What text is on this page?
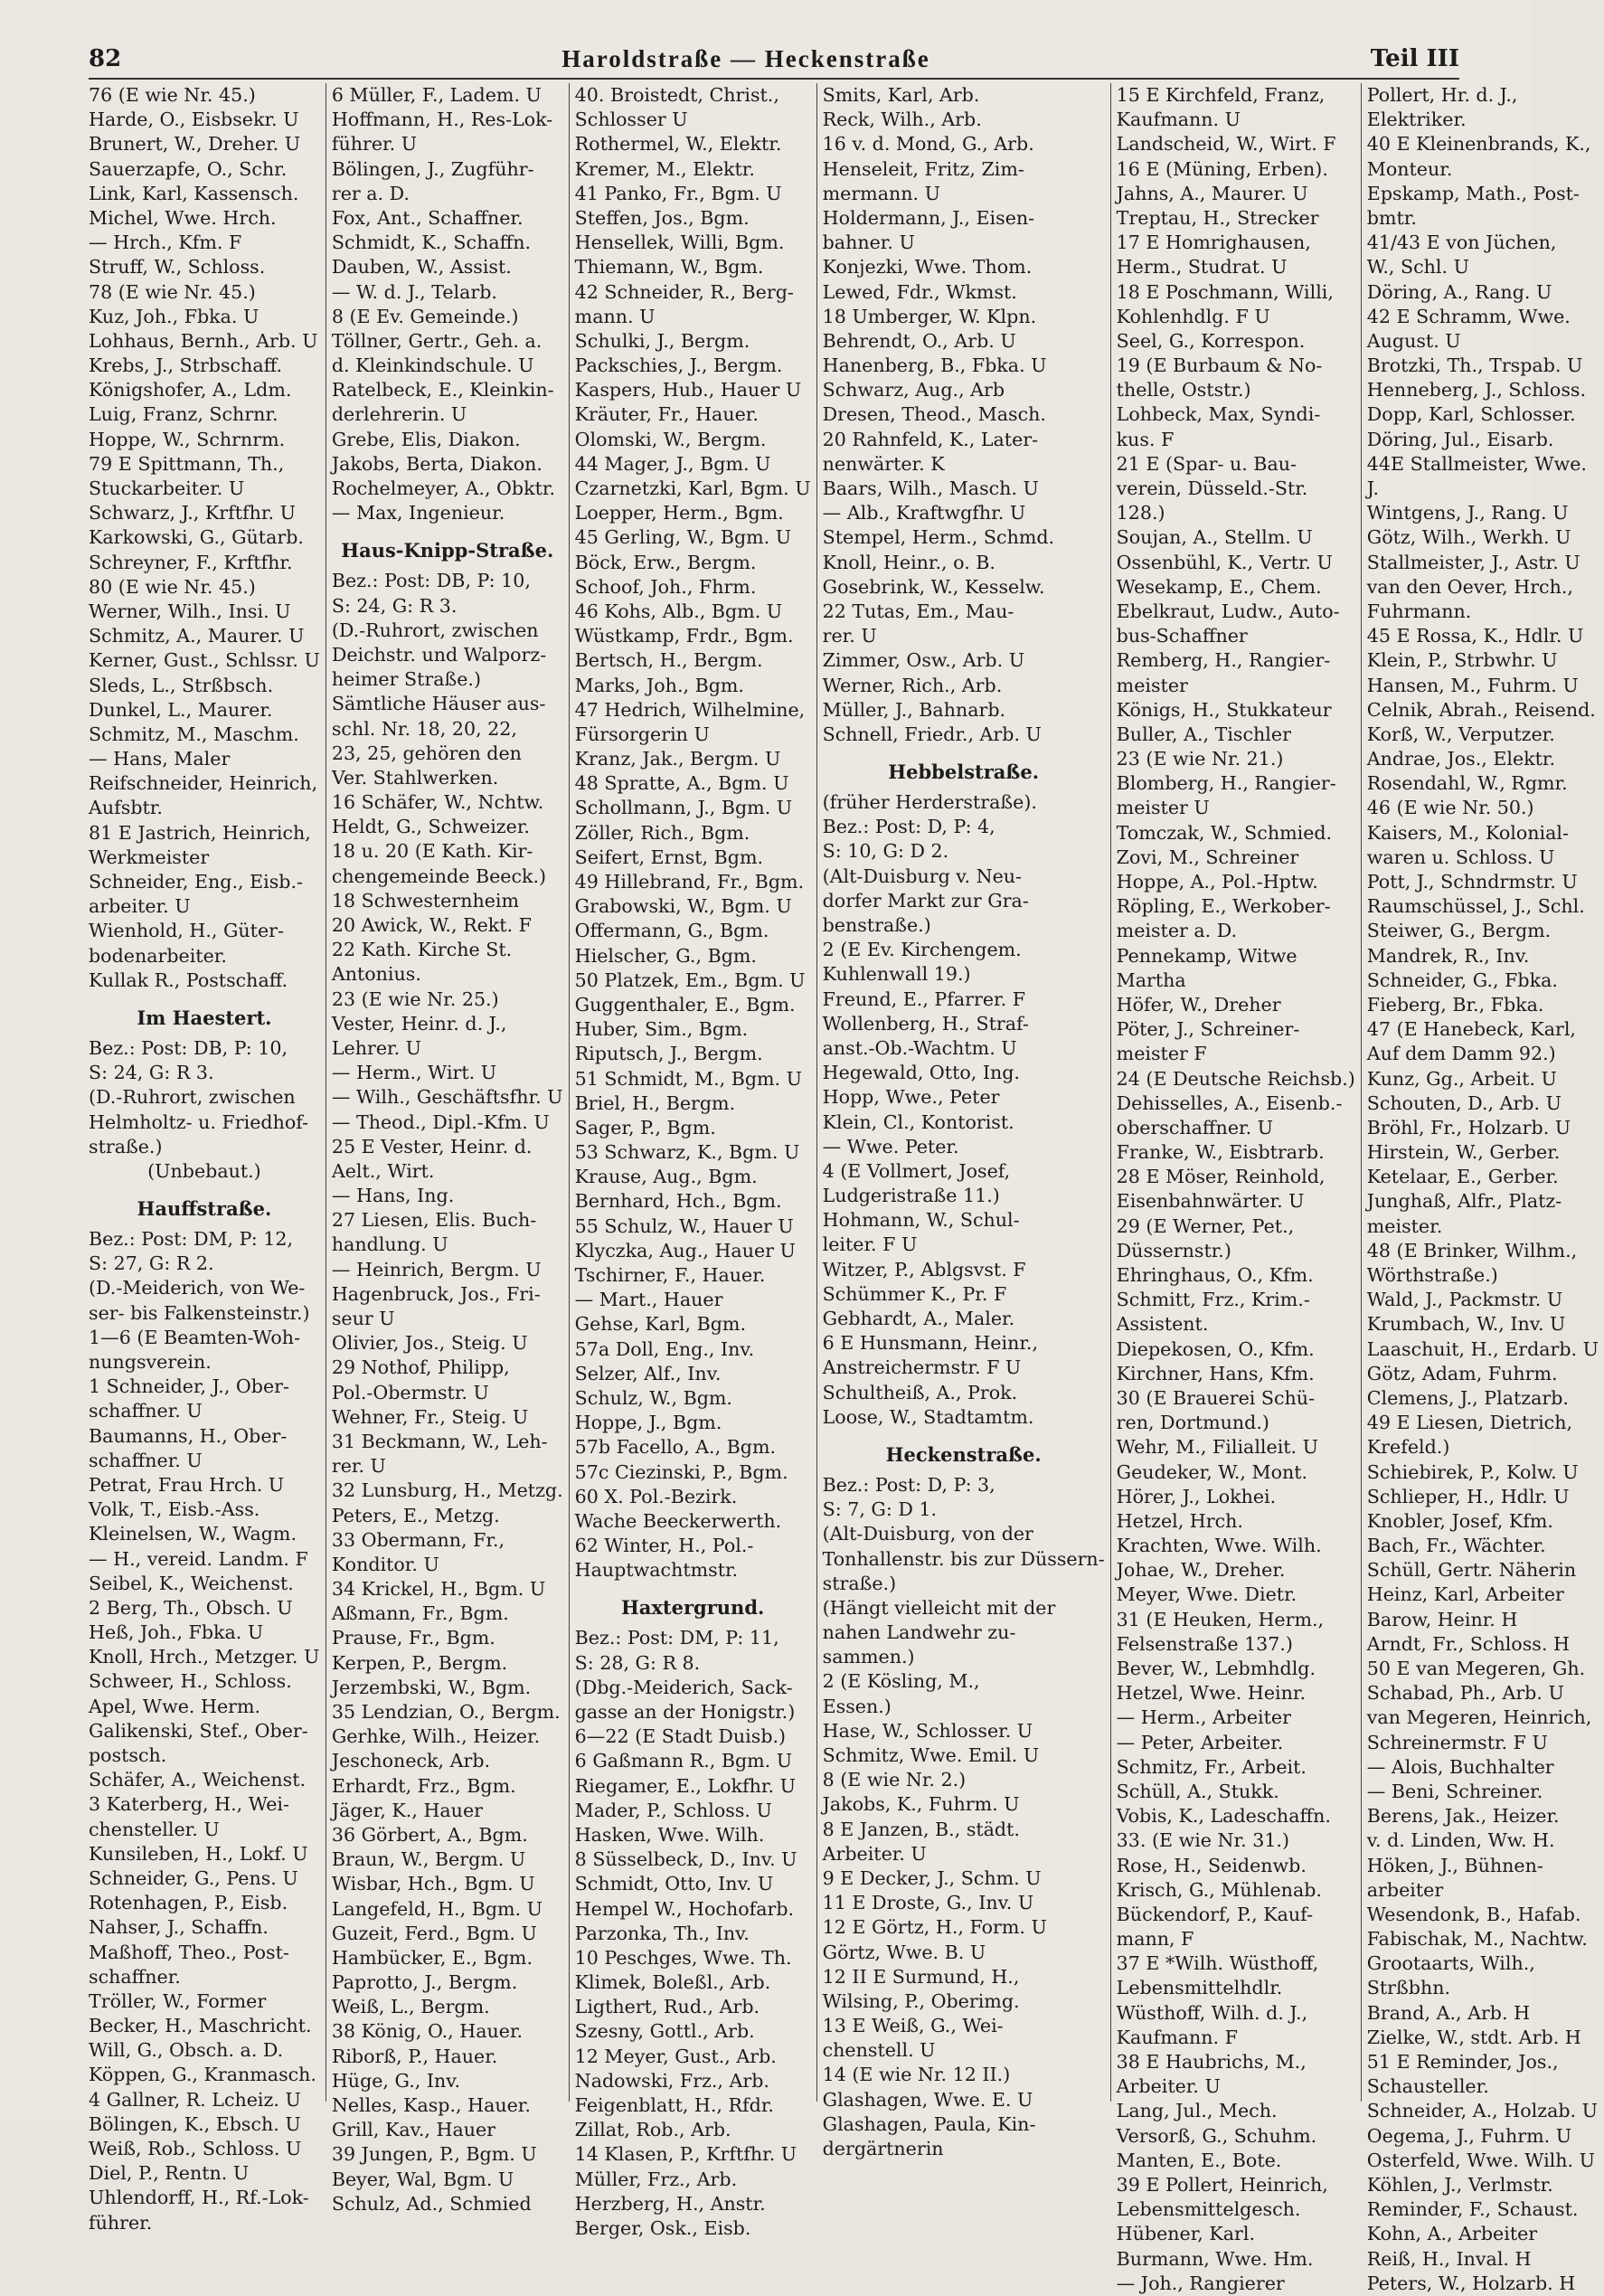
82	Haroldstraße — Heckenstraße	Teil III
76 (E wie Nr. 45.)
Harde, O., Eisbsekr. U
Brunert, W., Dreher. U
Sauerzapfe, O., Schr.
Link, Karl, Kassensch.
Michel, Wwe. Hrch.
— Hrch., Kfm. F
Struff, W., Schloss.
78 (E wie Nr. 45.)
Kuz, Joh., Fbka. U
Lohhaus, Bernh., Arb. U
Krebs, J., Strbschaff.
Königshofer, A., Ldm.
Luig, Franz, Schrnr.
Hoppe, W., Schrnrm.
79 E Spittmann, Th.,
Stuckarbeiter. U
Schwarz, J., Krftfhr. U
Karkowski, G., Gütarb.
Schreyner, F., Krftfhr.
80 (E wie Nr. 45.)
Werner, Wilh., Insi. U
Schmitz, A., Maurer. U
Kerner, Gust., Schlssr. U
Sleds, L., Strßbsch.
Dunkel, L., Maurer.
Schmitz, M., Maschm.
— Hans, Maler
Reifschneider, Heinrich,
Aufsbtr.
81 E Jastrich, Heinrich,
Werkmeister
Schneider, Eng., Eisb.-
arbeiter. U
Wienhold, H., Güter-
bodenarbeiter.
Kullak R., Postschaff.
Im Haestert.
Bez.: Post: DB, P: 10,
S: 24, G: R 3.
(D.-Ruhrort, zwischen
Helmholtz- u. Friedhof-
straße.)
(Unbebaut.)
Hauffstraße.
Bez.: Post: DM, P: 12,
S: 27, G: R 2.
(D.-Meiderich, von We-
ser- bis Falkensteinstr.)
1—6 (E Beamten-Woh-
nungsverein.
1 Schneider, J., Ober-
schaffner. U
Baumanns, H., Ober-
schaffner. U
Petrat, Frau Hrch. U
Volk, T., Eisb.-Ass.
Kleinelsen, W., Wagm.
— H., vereid. Landm. F
Seibel, K., Weichenst.
2 Berg, Th., Obsch. U
Heß, Joh., Fbka. U
Knoll, Hrch., Metzger. U
Schweer, H., Schloss.
Apel, Wwe. Herm.
Galikenski, Stef., Ober-
postsch.
Schäfer, A., Weichenst.
3 Katerberg, H., Wei-
chensteller. U
Kunsileben, H., Lokf. U
Schneider, G., Pens. U
Rotenhagen, P., Eisb.
Nahser, J., Schaffn.
Maßhoff, Theo., Post-
schaffner.
Tröller, W., Former
Becker, H., Maschricht.
Will, G., Obsch. a. D.
Köppen, G., Kranmasch.
4 Gallner, R. Lcheiz. U
Bölingen, K., Ebsch. U
Weiß, Rob., Schloss. U
Diel, P., Rentn. U
Uhlendorff, H., Rf.-Lok-
führer.
6 Müller, F., Ladem. U
Hoffmann, H., Res-Lok-
führer. U
Bölingen, J., Zugführ-
rer a. D.
Fox, Ant., Schaffner.
Schmidt, K., Schaffn.
Dauben, W., Assist.
— W. d. J., Telarb.
8 (E Ev. Gemeinde.)
Töllner, Gertr., Geh. a.
d. Kleinkindschule. U
Ratelbeck, E., Kleinkin-
derlehrerin. U
Grebe, Elis, Diakon.
Jakobs, Berta, Diakon.
Rochelmeyer, A., Obktr.
— Max, Ingenieur.
Haus-Knipp-Straße.
Bez.: Post: DB, P: 10,
S: 24, G: R 3.
(D.-Ruhrort, zwischen
Deichstr. und Walporz-
heimer Straße.)
Sämtliche Häuser aus-
schl. Nr. 18, 20, 22,
23, 25, gehören den
Ver. Stahlwerken.
16 Schäfer, W., Nchtw.
Heldt, G., Schweizer.
18 u. 20 (E Kath. Kir-
chengemeinde Beeck.)
18 Schwesternheim
20 Awick, W., Rekt. F
22 Kath. Kirche St.
Antonius.
23 (E wie Nr. 25.)
Vester, Heinr. d. J.,
Lehrer. U
— Herm., Wirt. U
— Wilh., Geschäftsfhr. U
— Theod., Dipl.-Kfm. U
25 E Vester, Heinr. d.
Aelt., Wirt.
— Hans, Ing.
27 Liesen, Elis. Buch-
handlung. U
— Heinrich, Bergm. U
Hagenbruck, Jos., Fri-
seur U
Olivier, Jos., Steig. U
29 Nothof, Philipp,
Pol.-Obermstr. U
Wehner, Fr., Steig. U
31 Beckmann, W., Leh-
rer. U
32 Lunsburg, H., Metzg.
Peters, E., Metzg.
33 Obermann, Fr.,
Konditor. U
34 Krickel, H., Bgm. U
Aßmann, Fr., Bgm.
Prause, Fr., Bgm.
Kerpen, P., Bergm.
Jerzembski, W., Bgm.
35 Lendzian, O., Bergm.
Gerhke, Wilh., Heizer.
Jeschoneck, Arb.
Erhardt, Frz., Bgm.
Jäger, K., Hauer
36 Görbert, A., Bgm.
Braun, W., Bergm. U
Wisbar, Hch., Bgm. U
Langefeld, H., Bgm. U
Guzeit, Ferd., Bgm. U
Hambücker, E., Bgm.
Paprotto, J., Bergm.
Weiß, L., Bergm.
38 König, O., Hauer.
Riborß, P., Hauer.
Hüge, G., Inv.
Nelles, Kasp., Hauer.
Grill, Kav., Hauer
39 Jungen, P., Bgm. U
Beyer, Wal, Bgm. U
Schulz, Ad., Schmied
40. Broistedt, Christ.,
Schlosser U
Rothermel, W., Elektr.
Kremer, M., Elektr.
41 Panko, Fr., Bgm. U
Steffen, Jos., Bgm.
Hensellek, Willi, Bgm.
Thiemann, W., Bgm.
42 Schneider, R., Berg-
mann. U
Schulki, J., Bergm.
Packschies, J., Bergm.
Kaspers, Hub., Hauer U
Kräuter, Fr., Hauer.
Olomski, W., Bergm.
44 Mager, J., Bgm. U
Czarnetzki, Karl, Bgm. U
Loepper, Herm., Bgm.
45 Gerling, W., Bgm. U
Böck, Erw., Bergm.
Schoof, Joh., Fhrm.
46 Kohs, Alb., Bgm. U
Wüstkamp, Frdr., Bgm.
Bertsch, H., Bergm.
Marks, Joh., Bgm.
47 Hedrich, Wilhelmine,
Fürsorgerin U
Kranz, Jak., Bergm. U
48 Spratte, A., Bgm. U
Schollmann, J., Bgm. U
Zöller, Rich., Bgm.
Seifert, Ernst, Bgm.
49 Hillebrand, Fr., Bgm.
Grabowski, W., Bgm. U
Offermann, G., Bgm.
Hielscher, G., Bgm.
50 Platzek, Em., Bgm. U
Guggenthaler, E., Bgm.
Huber, Sim., Bgm.
Riputsch, J., Bergm.
51 Schmidt, M., Bgm. U
Briel, H., Bergm.
Sager, P., Bgm.
53 Schwarz, K., Bgm. U
Krause, Aug., Bgm.
Bernhard, Hch., Bgm.
55 Schulz, W., Hauer U
Klyczka, Aug., Hauer U
Tschirner, F., Hauer.
— Mart., Hauer
Gehse, Karl, Bgm.
57a Doll, Eng., Inv.
Selzer, Alf., Inv.
Schulz, W., Bgm.
Hoppe, J., Bgm.
57b Facello, A., Bgm.
57c Ciezinski, P., Bgm.
60 X. Pol.-Bezirk.
Wache Beeckerwerth.
62 Winter, H., Pol.-
Hauptwachtmstr.
Haxtergrund.
Bez.: Post: DM, P: 11,
S: 28, G: R 8.
(Dbg.-Meiderich, Sack-
gasse an der Honigstr.)
6—22 (E Stadt Duisb.)
6 Gaßmann R., Bgm. U
Riegamer, E., Lokfhr. U
Mader, P., Schloss. U
Hasken, Wwe. Wilh.
8 Süsselbeck, D., Inv. U
Schmidt, Otto, Inv. U
Hempel W., Hochofarb.
Parzonka, Th., Inv.
10 Peschges, Wwe. Th.
Klimek, Boleßl., Arb.
Ligthert, Rud., Arb.
Szesny, Gottl., Arb.
12 Meyer, Gust., Arb.
Nadowski, Frz., Arb.
Feigenblatt, H., Rfdr.
Zillat, Rob., Arb.
14 Klasen, P., Krftfhr. U
Müller, Frz., Arb.
Herzberg, H., Anstr.
Berger, Osk., Eisb.
Smits, Karl, Arb.
Reck, Wilh., Arb.
16 v. d. Mond, G., Arb.
Henseleit, Fritz, Zim-
mermann. U
Holdermann, J., Eisen-
bahner. U
Konjezki, Wwe. Thom.
Lewed, Fdr., Wkmst.
18 Umberger, W. Klpn.
Behrendt, O., Arb. U
Hanenberg, B., Fbka. U
Schwarz, Aug., Arb
Dresen, Theod., Masch.
20 Rahnfeld, K., Later-
nenwärter. K
Baars, Wilh., Masch. U
— Alb., Kraftwgfhr. U
Stempel, Herm., Schmd.
Knoll, Heinr., o. B.
Gosebrink, W., Kesselw.
22 Tutas, Em., Mau-
rer. U
Zimmer, Osw., Arb. U
Werner, Rich., Arb.
Müller, J., Bahnarb.
Schnell, Friedr., Arb. U
Hebbelstraße.
(früher Herderstraße).
Bez.: Post: D, P: 4,
S: 10, G: D 2.
(Alt-Duisburg v. Neu-
dorfer Markt zur Gra-
benstraße.)
2 (E Ev. Kirchengem.
Kuhlenwall 19.)
Freund, E., Pfarrer. F
Wollenberg, H., Straf-
anst.-Ob.-Wachtm. U
Hegewald, Otto, Ing.
Hopp, Wwe., Peter
Klein, Cl., Kontorist.
— Wwe. Peter.
4 (E Vollmert, Josef,
Ludgeristraße 11.)
Hohmann, W., Schul-
leiter. F U
Witzer, P., Ablgsvst. F
Schümmer K., Pr. F
Gebhardt, A., Maler.
6 E Hunsmann, Heinr.,
Anstreichermstr. F U
Schultheiß, A., Prok.
Loose, W., Stadtamtm.
Heckenstraße.
Bez.: Post: D, P: 3,
S: 7, G: D 1.
(Alt-Duisburg, von der
Tonhallenstr. bis zur Düssern-
straße.)
(Hängt vielleicht mit der
nahen Landwehr zu-
sammen.)
2 (E Kösling, M.,
Essen.)
Hase, W., Schlosser. U
Schmitz, Wwe. Emil. U
8 (E wie Nr. 2.)
Jakobs, K., Fuhrm. U
8 E Janzen, B., städt.
Arbeiter. U
9 E Decker, J., Schm. U
11 E Droste, G., Inv. U
12 E Görtz, H., Form. U
Görtz, Wwe. B. U
12 II E Surmund, H.,
Wilsing, P., Oberimg.
13 E Weiß, G., Wei-
chenstell. U
14 (E wie Nr. 12 II.)
Glashagen, Wwe. E. U
Glashagen, Paula, Kin-
dergärtnerin
15 E Kirchfeld, Franz,
Kaufmann. U
Landscheid, W., Wirt. F
16 E (Müning, Erben).
Jahns, A., Maurer. U
Treptau, H., Strecker
17 E Homrighausen,
Herm., Studrat. U
18 E Poschmann, Willi,
Kohlenhdlg. F U
Seel, G., Korrespon.
19 (E Burbaum & No-
thelle, Oststr.)
Lohbeck, Max, Syndi-
kus. F
21 E (Spar- u. Bau-
verein, Düsseld.-Str.
128.)
Soujan, A., Stellm. U
Ossenbühl, K., Vertr. U
Wesekamp, E., Chem.
Ebelkraut, Ludw., Auto-
bus-Schaffner
Remberg, H., Rangier-
meister
Königs, H., Stukkateur
Buller, A., Tischler
23 (E wie Nr. 21.)
Blomberg, H., Rangier-
meister U
Tomczak, W., Schmied.
Zovi, M., Schreiner
Hoppe, A., Pol.-Hptw.
Röpling, E., Werkober-
meister a. D.
Pennekamp, Witwe
Martha
Höfer, W., Dreher
Pöter, J., Schreiner-
meister F
24 (E Deutsche Reichsb.)
Dehisselles, A., Eisenb.-
oberschaffner. U
Franke, W., Eisbtrarb.
28 E Möser, Reinhold,
Eisenbahnwärter. U
29 (E Werner, Pet.,
Düssernstr.)
Ehringhaus, O., Kfm.
Schmitt, Frz., Krim.-
Assistent.
Diepekosen, O., Kfm.
Kirchner, Hans, Kfm.
30 (E Brauerei Schü-
ren, Dortmund.)
Wehr, M., Filialleit. U
Geudeker, W., Mont.
Hörer, J., Lokhei.
Hetzel, Hrch.
Krachten, Wwe. Wilh.
Johae, W., Dreher.
Meyer, Wwe. Dietr.
31 (E Heuken, Herm.,
Felsenstraße 137.)
Bever, W., Lebmhdlg.
Hetzel, Wwe. Heinr.
— Herm., Arbeiter
— Peter, Arbeiter.
Schmitz, Fr., Arbeit.
Schüll, A., Stukk.
Vobis, K., Ladeschaffn.
33. (E wie Nr. 31.)
Rose, H., Seidenwb.
Krisch, G., Mühlenab.
Bückendorf, P., Kauf-
mann, F
37 E *Wilh. Wüsthoff,
Lebensmittelhdlr.
Wüsthoff, Wilh. d. J.,
Kaufmann. F
38 E Haubrichs, M.,
Arbeiter. U
Lang, Jul., Mech.
Versorß, G., Schuhm.
Manten, E., Bote.
39 E Pollert, Heinrich,
Lebensmittelgesch.
Hübener, Karl.
Burmann, Wwe. Hm.
— Joh., Rangierer
Pollert, Hr. d. J.,
Elektriker.
40 E Kleinenbrands, K.,
Monteur.
Epskamp, Math., Post-
bmtr.
41/43 E von Jüchen,
W., Schl. U
Döring, A., Rang. U
42 E Schramm, Wwe.
August. U
Brotzki, Th., Trspab. U
Henneberg, J., Schloss.
Dopp, Karl, Schlosser.
Döring, Jul., Eisarb.
44E Stallmeister, Wwe.
J.
Wintgens, J., Rang. U
Götz, Wilh., Werkh. U
Stallmeister, J., Astr. U
van den Oever, Hrch.,
Fuhrmann.
45 E Rossa, K., Hdlr. U
Klein, P., Strbwhr. U
Hansen, M., Fuhrm. U
Celnik, Abrah., Reisend.
Korß, W., Verputzer.
Andrae, Jos., Elektr.
Rosendahl, W., Rgmr.
46 (E wie Nr. 50.)
Kaisers, M., Kolonial-
waren u. Schloss. U
Pott, J., Schndrmstr. U
Raumschüssel, J., Schl.
Steiwer, G., Bergm.
Mandrek, R., Inv.
Schneider, G., Fbka.
Fieberg, Br., Fbka.
47 (E Hanebeck, Karl,
Auf dem Damm 92.)
Kunz, Gg., Arbeit. U
Schouten, D., Arb. U
Bröhl, Fr., Holzarb. U
Hirstein, W., Gerber.
Ketelaar, E., Gerber.
Junghaß, Alfr., Platz-
meister.
48 (E Brinker, Wilhm.,
Wörthstraße.)
Wald, J., Packmstr. U
Krumbach, W., Inv. U
Laaschuit, H., Erdarb. U
Götz, Adam, Fuhrm.
Clemens, J., Platzarb.
49 E Liesen, Dietrich,
Krefeld.)
Schiebirek, P., Kolw. U
Schlieper, H., Hdlr. U
Knobler, Josef, Kfm.
Bach, Fr., Wächter.
Schüll, Gertr. Näherin
Heinz, Karl, Arbeiter
Barow, Heinr. H
Arndt, Fr., Schloss. H
50 E van Megeren, Gh.
Schabad, Ph., Arb. U
van Megeren, Heinrich,
Schreinermstr. F U
— Alois, Buchhalter
— Beni, Schreiner.
Berens, Jak., Heizer.
v. d. Linden, Ww. H.
Höken, J., Bühnen-
arbeiter
Wesendonk, B., Hafab.
Fabischak, M., Nachtw.
Grootaarts, Wilh.,
Strßbhn.
Brand, A., Arb. H
Zielke, W., stdt. Arb. H
51 E Reminder, Jos.,
Schausteller.
Schneider, A., Holzab. U
Oegema, J., Fuhrm. U
Osterfeld, Wwe. Wilh. U
Köhlen, J., Verlmstr.
Reminder, F., Schaust.
Kohn, A., Arbeiter
Reiß, H., Inval. H
Peters, W., Holzarb. H
